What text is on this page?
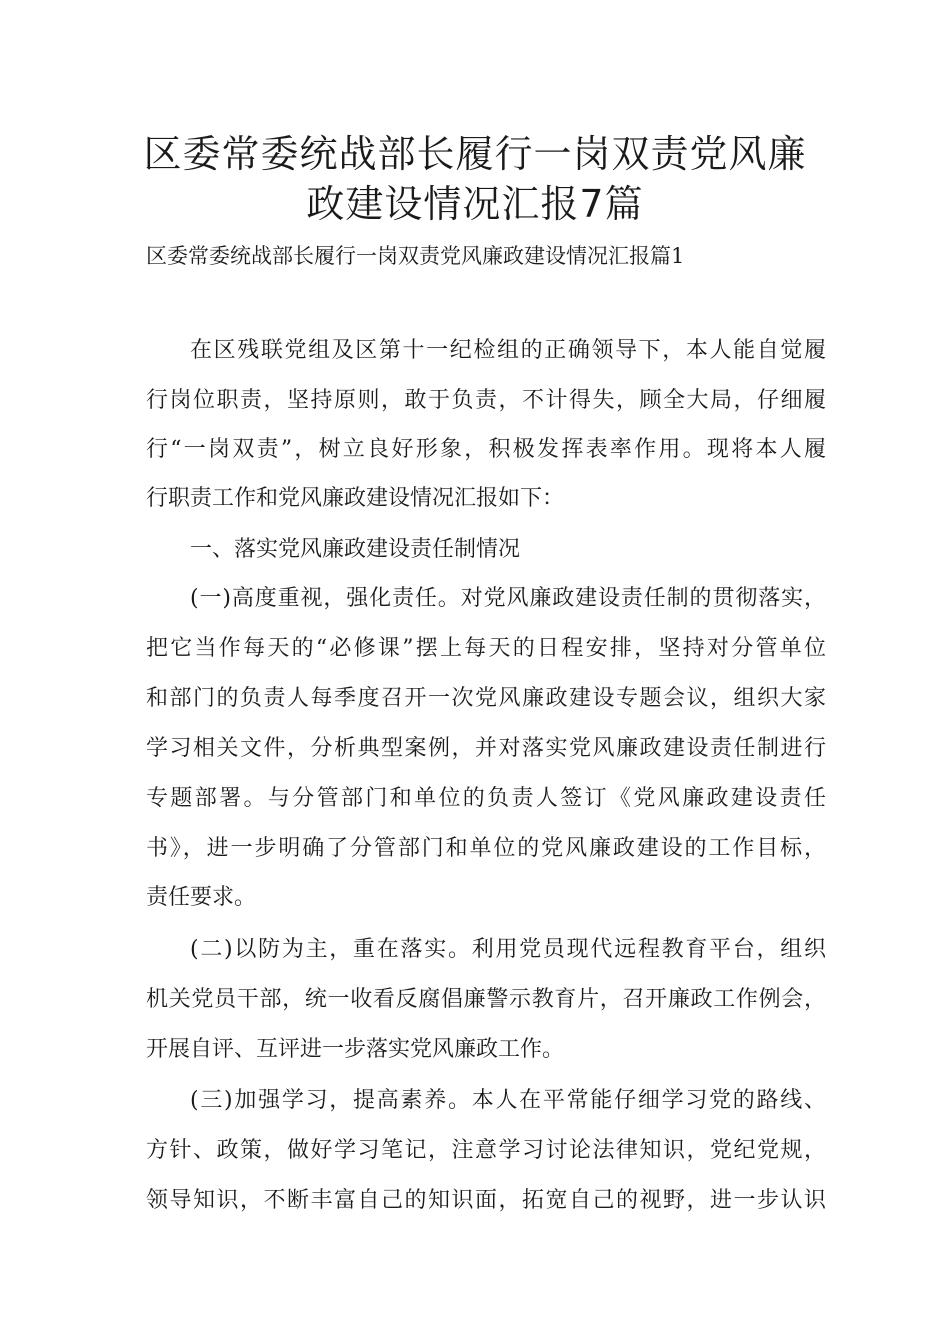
区委常委统战部长履行一岗双责党风廉
政建设情况汇报7篇

区委常委统战部长履行一岗双责党风廉政建设情况汇报篇1

在区残联党组及区第十一纪检组的正确领导下，本人能自觉履

行岗位职责，坚持原则，敢于负责，不计得失，顾全大局，仔细履

行“一岗双责”，树立良好形象，积极发挥表率作用。现将本人履

行职责工作和党风廉政建设情况汇报如下：

一、落实党风廉政建设责任制情况

(一)高度重视，强化责任。对党风廉政建设责任制的贯彻落实，

把它当作每天的“必修课”摆上每天的日程安排，坚持对分管单位

和部门的负责人每季度召开一次党风廉政建设专题会议，组织大家

学习相关文件，分析典型案例，并对落实党风廉政建设责任制进行

专题部署。与分管部门和单位的负责人签订《党风廉政建设责任

书》，进一步明确了分管部门和单位的党风廉政建设的工作目标，

责任要求。

(二)以防为主，重在落实。利用党员现代远程教育平台，组织

机关党员干部，统一收看反腐倡廉警示教育片，召开廉政工作例会，

开展自评、互评进一步落实党风廉政工作。

(三)加强学习，提高素养。本人在平常能仔细学习党的路线、

方针、政策，做好学习笔记，注意学习讨论法律知识，党纪党规，

领导知识，不断丰富自己的知识面，拓宽自己的视野，进一步认识
